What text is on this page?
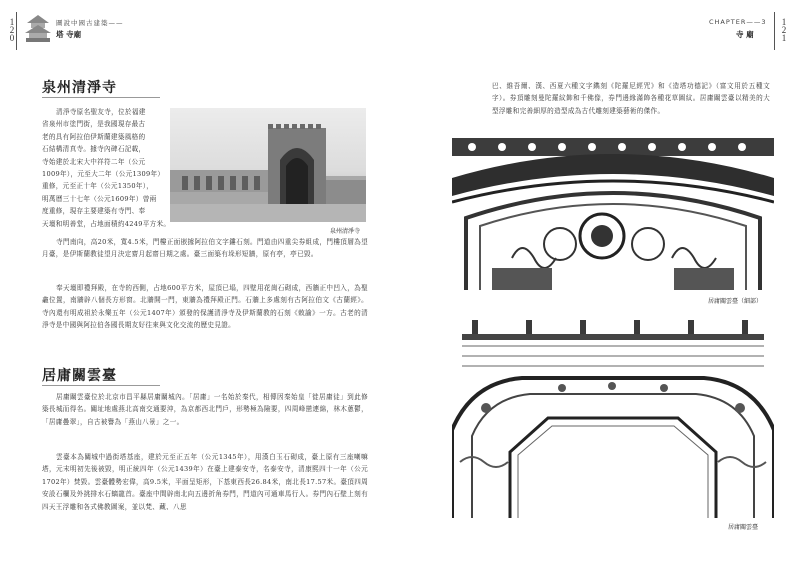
1
2
0
圖說中國古建築——
塔 寺廟
CHAPTER——3
寺 廟
1
2
1
泉州清淨寺
泉州清淨寺
清淨寺原名聖友寺，位於福建
省泉州市塗門街，是我國現存最古
老的具有阿拉伯伊斯蘭建築風格的
石結構清真寺。據寺內碑石記載，
寺始建於北宋大中祥符二年（公元
1009年），元至大二年（公元1309年）
重修，元至正十年（公元1350年），
明萬曆三十七年（公元1609年）曾兩
度重修，現存主要建築有寺門、奉
天壇和明善堂，占地面積約4249平方米。
寺門南向，高20米，寬4.5米，門樓正面嵌據阿拉伯文字鏤石刻。門道由四重尖券組成，門樓頂層為望月臺，是伊斯蘭教徒望月決定齋月起齋日期之處。臺三面築有垛形短牆，原有亭，亭已毀。
奉天壇即禮拜殿，在寺的西側，占地600平方米，屋頂已塌，四壁用花崗石砌成，西牆正中凹入，為聖龕位置，南牆辟八個長方形窗。北牆開一門，東牆為禮拜殿正門。石牆上多處刻有古阿拉伯文《古蘭經》。寺內還有明成祖於永樂五年（公元1407年）頒發的保護清淨寺及伊斯蘭教的石刻《敕諭》一方。古老的清淨寺是中國與阿拉伯各國長期友好往來與文化交流的歷史見證。
居庸關雲臺
居庸關雲臺位於北京市昌平縣居庸關城內。「居庸」一名始於秦代，相傳因秦始皇「徙居庸徒」到此修築長城而得名。關址地處燕北高南交通要沖，為京都西北門戶，形勢極為險要，四周峰巒連綿，林木蔥鬱，「居庸疊翠」，自古被譽為「燕山八景」之一。
雲臺本為關城中過街塔基座，建於元至正五年（公元1345年），用漢白玉石砌成，臺上原有三座喇嘛塔，元末明初先後被毀，明正統四年（公元1439年）在臺上建泰安寺，名泰安寺，清康熙四十一年（公元1702年）焚毀。雲臺體勢宏偉，高9.5米，平面呈矩形，下基東西長26.84米，南北長17.57米。臺頂四周安設石欄及外挑排水石螭龍首。臺座中間辟南北向五邊折角券門，門道內可通車馬行人。券門內石壁上刻有四天王浮雕和各式佛教圖案，並以梵、藏、八思
巴、維吾爾、漢、西夏六種文字鐫刻《陀羅尼經咒》和《造塔功德記》（富文用於五種文字）。券頂雕刻曼陀羅紋飾和千佛像，券門邊緣滿飾各種花草圖紋。居庸關雲臺以精美的大型浮雕和完善細厚的造型成為古代雕刻建築藝術的傑作。
居庸關雲臺（細部）
居庸關雲臺
